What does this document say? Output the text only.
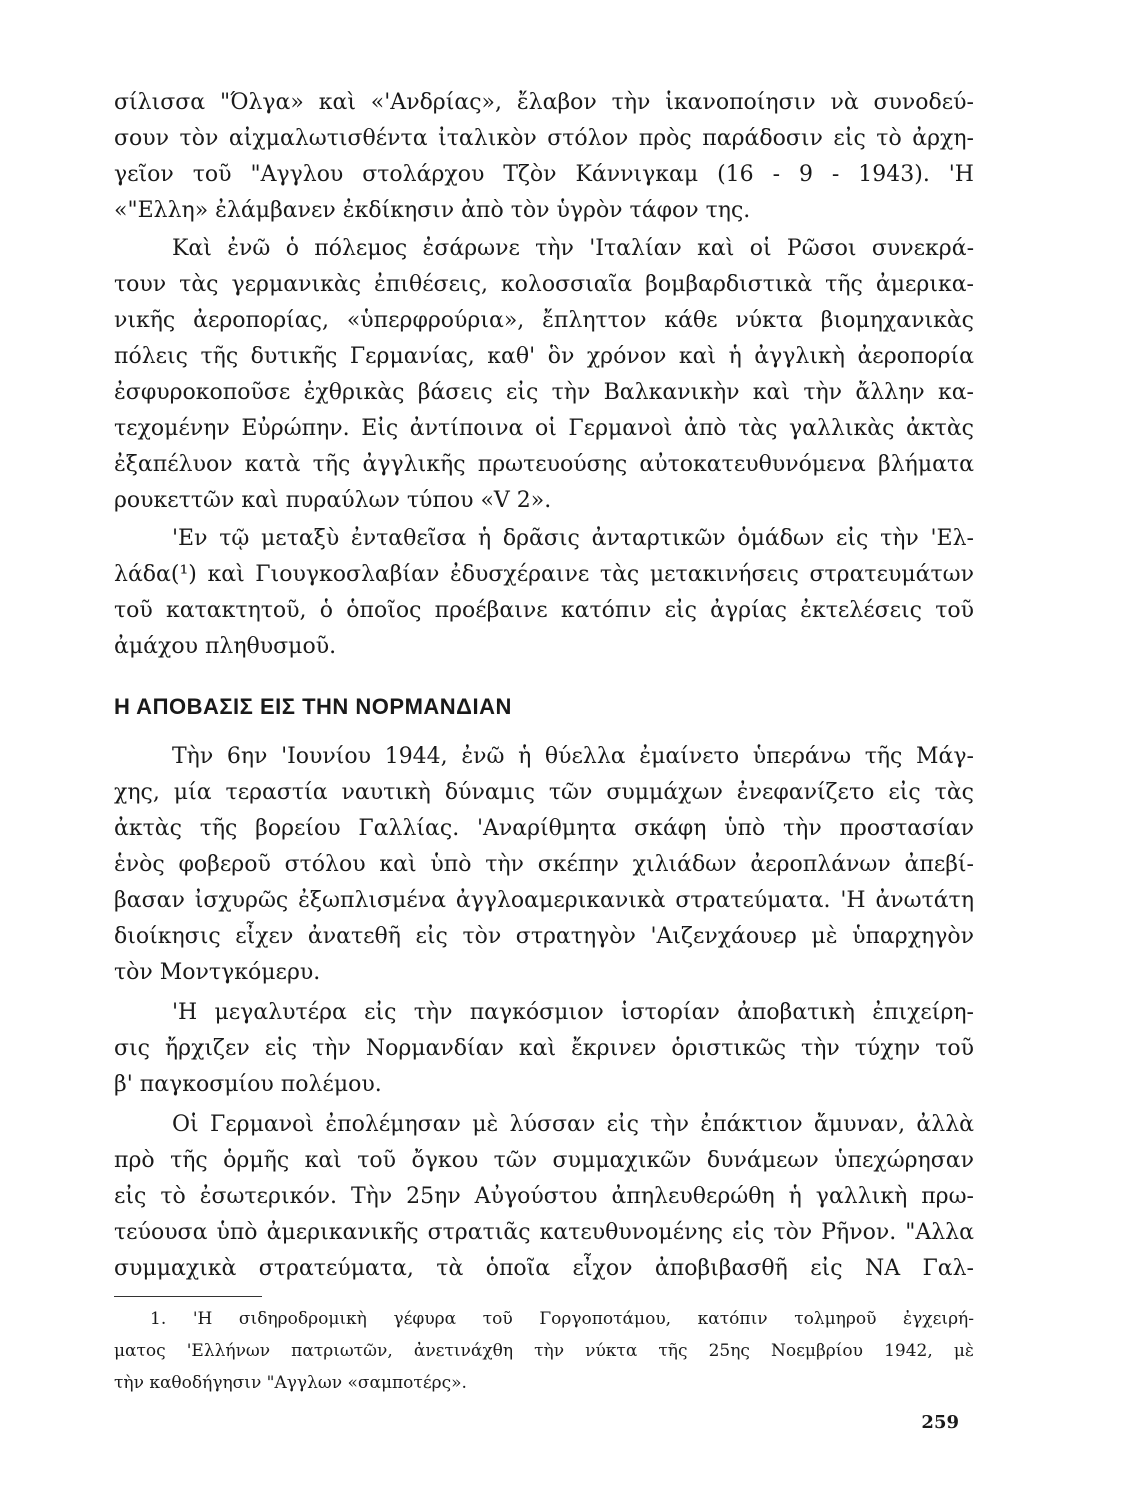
σίλισσα "Όλγα» καὶ «'Ανδρίας», ἔλαβον τὴν ἱκανοποίησιν νὰ συνοδεύ-
σουν τὸν αἰχμαλωτισθέντα ἰταλικὸν στόλον πρὸς παράδοσιν εἰς τὸ ἀρχη-
γεῖον τοῦ "Αγγλου στολάρχου Τζὸν Κάννιγκαμ (16 - 9 - 1943). 'Η
«"Ελλη» ἐλάμβανεν ἐκδίκησιν ἀπὸ τὸν ὑγρὸν τάφον της.
Καὶ ἐνῶ ὁ πόλεμος ἐσάρωνε τὴν 'Ιταλίαν καὶ οἱ Ρῶσοι συνεκρά-
τουν τὰς γερμανικὰς ἐπιθέσεις, κολοσσιαῖα βομβαρδιστικὰ τῆς ἀμερικα-
νικῆς ἀεροπορίας, «ὑπερφρούρια», ἔπληττον κάθε νύκτα βιομηχανικὰς
πόλεις τῆς δυτικῆς Γερμανίας, καθ' ὃν χρόνον καὶ ἡ ἀγγλικὴ ἀεροπορία
ἐσφυροκοποῦσε ἐχθρικὰς βάσεις εἰς τὴν Βαλκανικὴν καὶ τὴν ἄλλην κα-
τεχομένην Εὐρώπην. Εἰς ἀντίποινα οἱ Γερμανοὶ ἀπὸ τὰς γαλλικὰς ἀκτὰς
ἐξαπέλυον κατὰ τῆς ἀγγλικῆς πρωτευούσης αὐτοκατευθυνόμενα βλήματα
ρουκεττῶν καὶ πυραύλων τύπου «V 2».
'Εν τῷ μεταξὺ ἐνταθεῖσα ἡ δρᾶσις ἀνταρτικῶν ὁμάδων εἰς τὴν 'Ελ-
λάδα(¹) καὶ Γιουγκοσλαβίαν ἐδυσχέραινε τὰς μετακινήσεις στρατευμάτων
τοῦ κατακτητοῦ, ὁ ὁποῖος προέβαινε κατόπιν εἰς ἀγρίας ἐκτελέσεις τοῦ
ἀμάχου πληθυσμοῦ.
Η ΑΠΟΒΑΣΙΣ ΕΙΣ ΤΗΝ ΝΟΡΜΑΝΔΙΑΝ
Τὴν 6ην 'Ιουνίου 1944, ἐνῶ ἡ θύελλα ἐμαίνετο ὑπεράνω τῆς Μάγ-
χης, μία τεραστία ναυτικὴ δύναμις τῶν συμμάχων ἐνεφανίζετο εἰς τὰς
ἀκτὰς τῆς βορείου Γαλλίας. 'Αναρίθμητα σκάφη ὑπὸ τὴν προστασίαν
ἑνὸς φοβεροῦ στόλου καὶ ὑπὸ τὴν σκέπην χιλιάδων ἀεροπλάνων ἀπεβί-
βασαν ἰσχυρῶς ἐξωπλισμένα ἀγγλοαμερικανικὰ στρατεύματα. 'Η ἀνωτάτη
διοίκησις εἶχεν ἀνατεθῆ εἰς τὸν στρατηγὸν 'Αιζενχάουερ μὲ ὑπαρχηγὸν
τὸν Μοντγκόμερυ.
'Η μεγαλυτέρα εἰς τὴν παγκόσμιον ἱστορίαν ἀποβατικὴ ἐπιχείρη-
σις ἤρχιζεν εἰς τὴν Νορμανδίαν καὶ ἔκρινεν ὁριστικῶς τὴν τύχην τοῦ
β' παγκοσμίου πολέμου.
Οἱ Γερμανοὶ ἐπολέμησαν μὲ λύσσαν εἰς τὴν ἐπάκτιον ἄμυναν, ἀλλὰ
πρὸ τῆς ὁρμῆς καὶ τοῦ ὄγκου τῶν συμμαχικῶν δυνάμεων ὑπεχώρησαν
εἰς τὸ ἐσωτερικόν. Τὴν 25ην Αὐγούστου ἀπηλευθερώθη ἡ γαλλικὴ πρω-
τεύουσα ὑπὸ ἀμερικανικῆς στρατιᾶς κατευθυνομένης εἰς τὸν Ρῆνον. "Αλλα
συμμαχικὰ στρατεύματα, τὰ ὁποῖα εἶχον ἀποβιβασθῆ εἰς ΝΑ Γαλ-
1. 'Η σιδηροδρομικὴ γέφυρα τοῦ Γοργοποτάμου, κατόπιν τολμηροῦ ἐγχειρή-
ματος 'Ελλήνων πατριωτῶν, ἀνετινάχθη τὴν νύκτα τῆς 25ης Νοεμβρίου 1942, μὲ
τὴν καθοδήγησιν "Αγγλων «σαμποτέρς».
259
